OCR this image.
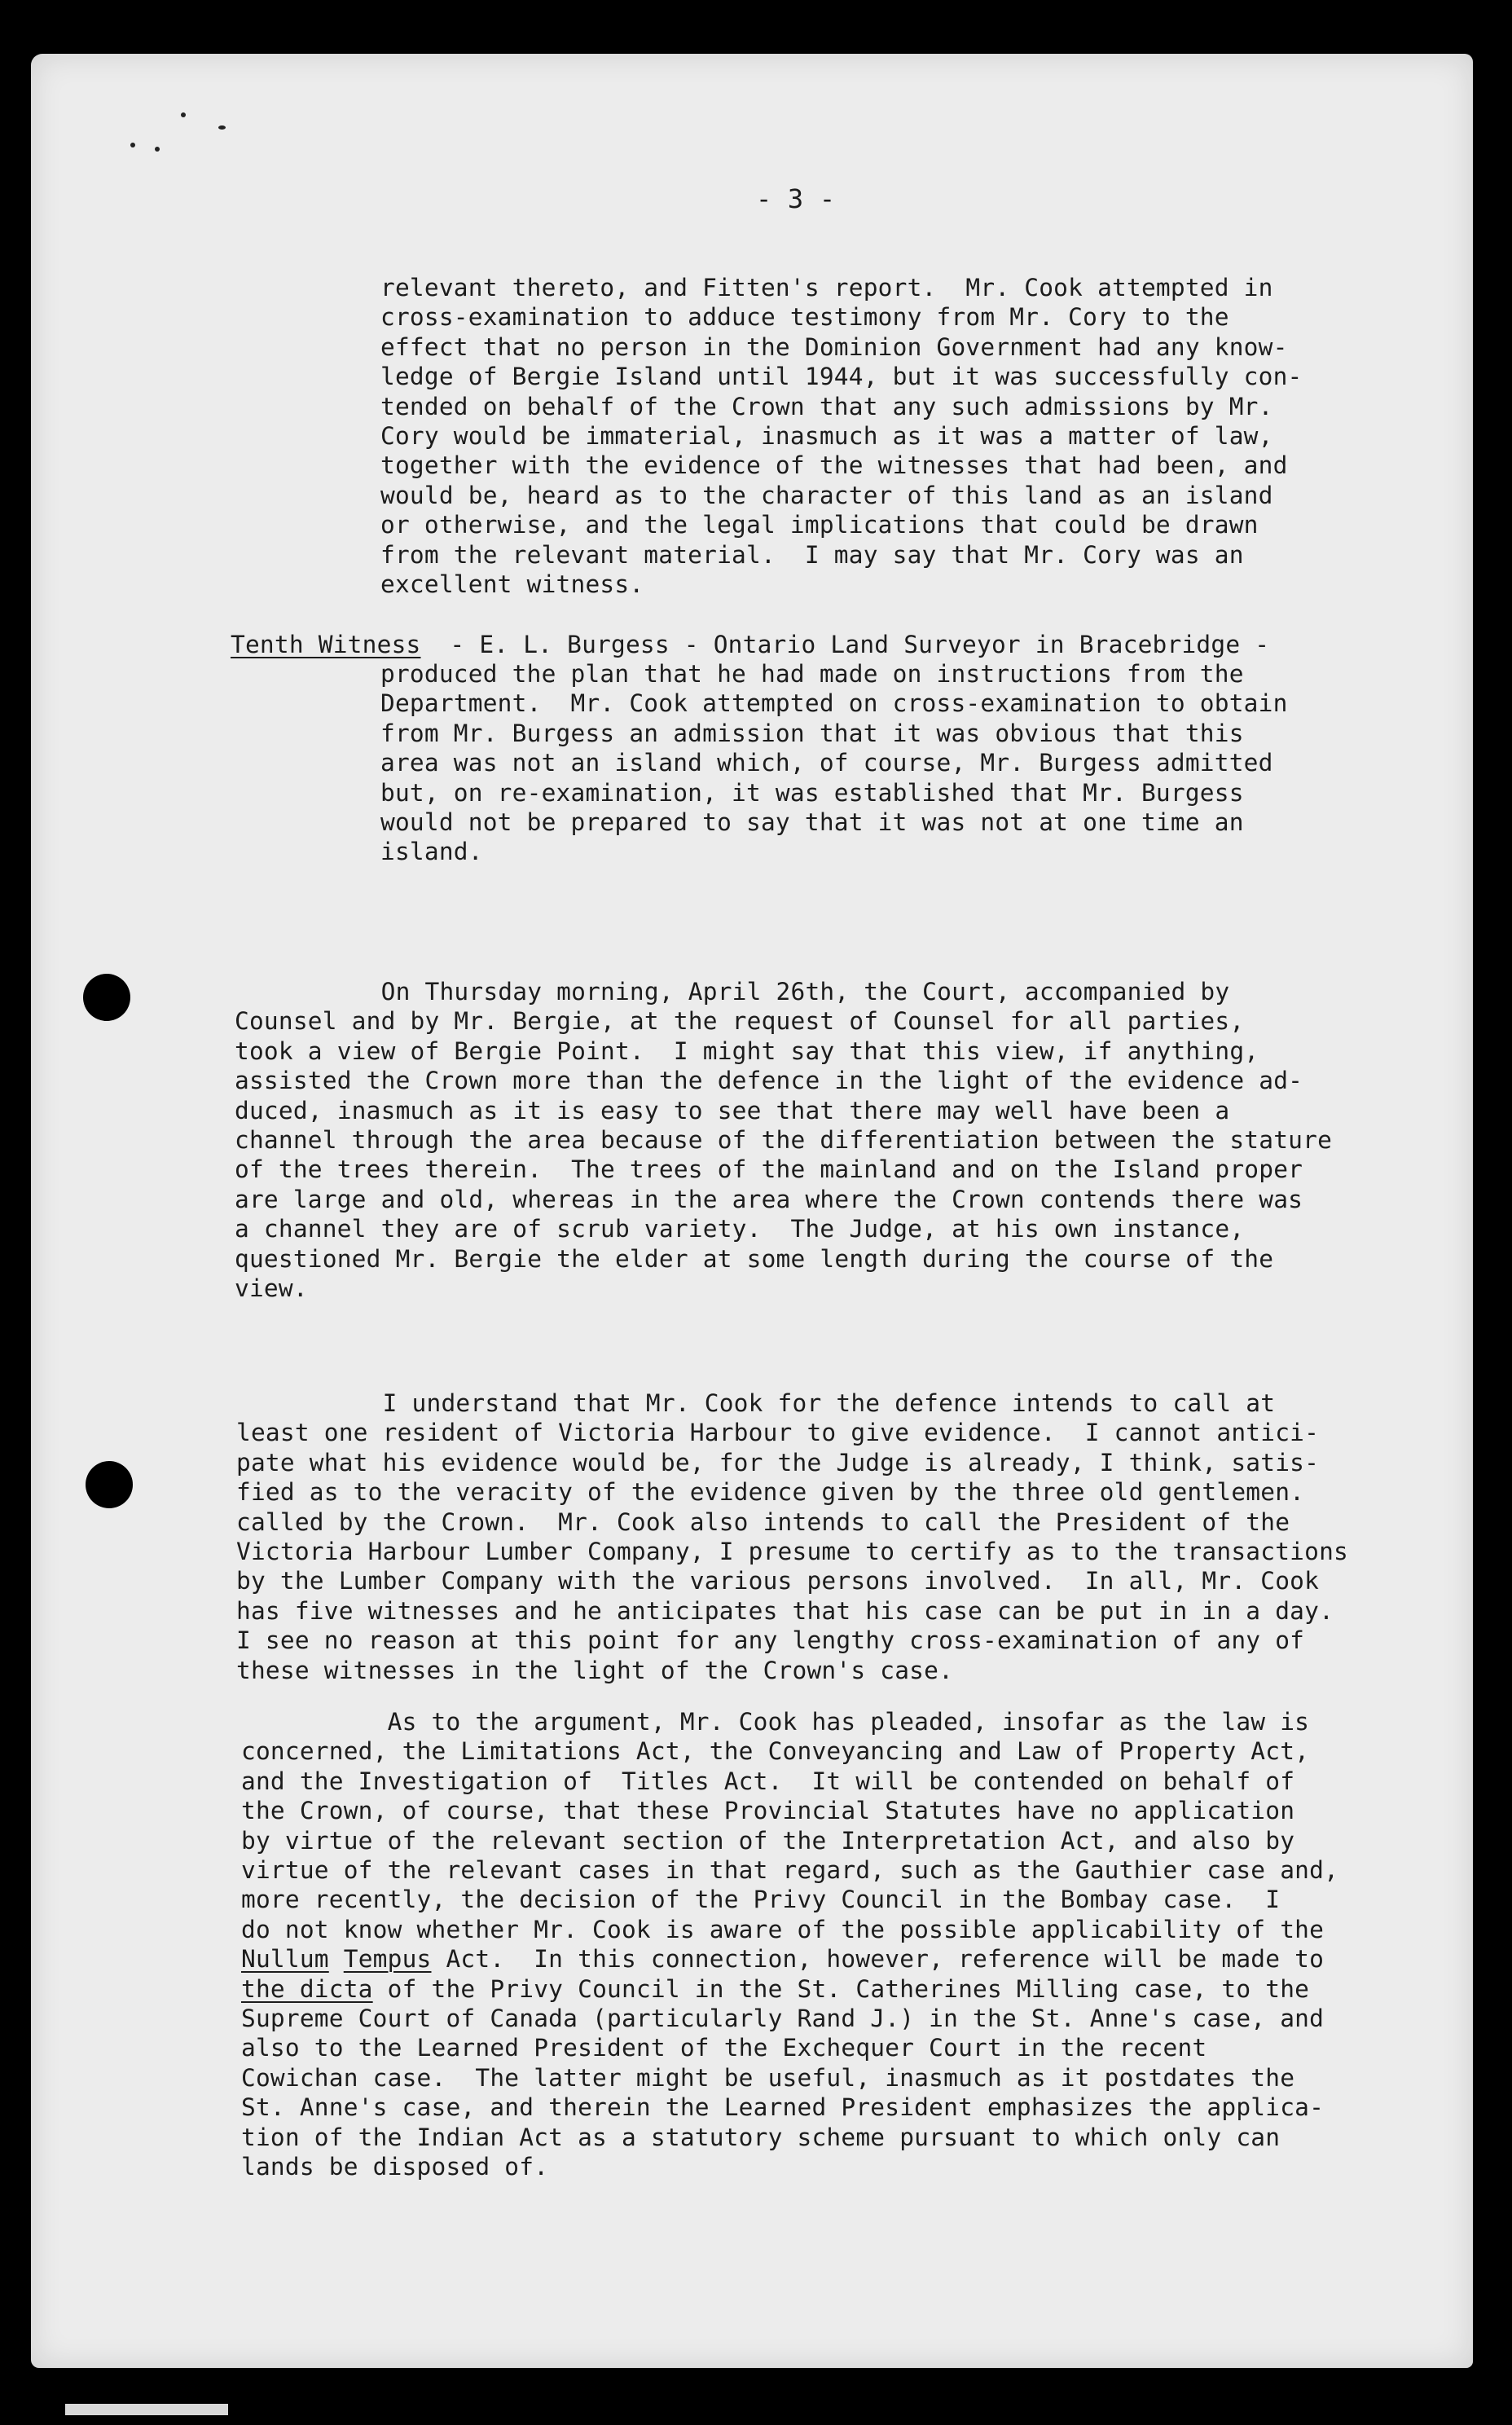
- 3 -
relevant thereto, and Fitten's report.  Mr. Cook attempted in
cross-examination to adduce testimony from Mr. Cory to the
effect that no person in the Dominion Government had any know-
ledge of Bergie Island until 1944, but it was successfully con-
tended on behalf of the Crown that any such admissions by Mr.
Cory would be immaterial, inasmuch as it was a matter of law,
together with the evidence of the witnesses that had been, and
would be, heard as to the character of this land as an island
or otherwise, and the legal implications that could be drawn
from the relevant material.  I may say that Mr. Cory was an
excellent witness.
Tenth Witness  - E. L. Burgess - Ontario Land Surveyor in Bracebridge -
produced the plan that he had made on instructions from the
Department.  Mr. Cook attempted on cross-examination to obtain
from Mr. Burgess an admission that it was obvious that this
area was not an island which, of course, Mr. Burgess admitted
but, on re-examination, it was established that Mr. Burgess
would not be prepared to say that it was not at one time an
island.
On Thursday morning, April 26th, the Court, accompanied by
Counsel and by Mr. Bergie, at the request of Counsel for all parties,
took a view of Bergie Point.  I might say that this view, if anything,
assisted the Crown more than the defence in the light of the evidence ad-
duced, inasmuch as it is easy to see that there may well have been a
channel through the area because of the differentiation between the stature
of the trees therein.  The trees of the mainland and on the Island proper
are large and old, whereas in the area where the Crown contends there was
a channel they are of scrub variety.  The Judge, at his own instance,
questioned Mr. Bergie the elder at some length during the course of the
view.
I understand that Mr. Cook for the defence intends to call at
least one resident of Victoria Harbour to give evidence.  I cannot antici-
pate what his evidence would be, for the Judge is already, I think, satis-
fied as to the veracity of the evidence given by the three old gentlemen.
called by the Crown.  Mr. Cook also intends to call the President of the
Victoria Harbour Lumber Company, I presume to certify as to the transactions
by the Lumber Company with the various persons involved.  In all, Mr. Cook
has five witnesses and he anticipates that his case can be put in in a day.
I see no reason at this point for any lengthy cross-examination of any of
these witnesses in the light of the Crown's case.
As to the argument, Mr. Cook has pleaded, insofar as the law is
concerned, the Limitations Act, the Conveyancing and Law of Property Act,
and the Investigation of  Titles Act.  It will be contended on behalf of
the Crown, of course, that these Provincial Statutes have no application
by virtue of the relevant section of the Interpretation Act, and also by
virtue of the relevant cases in that regard, such as the Gauthier case and,
more recently, the decision of the Privy Council in the Bombay case.  I
do not know whether Mr. Cook is aware of the possible applicability of the
Nullum Tempus Act.  In this connection, however, reference will be made to
the dicta of the Privy Council in the St. Catherines Milling case, to the
Supreme Court of Canada (particularly Rand J.) in the St. Anne's case, and
also to the Learned President of the Exchequer Court in the recent
Cowichan case.  The latter might be useful, inasmuch as it postdates the
St. Anne's case, and therein the Learned President emphasizes the applica-
tion of the Indian Act as a statutory scheme pursuant to which only can
lands be disposed of.
